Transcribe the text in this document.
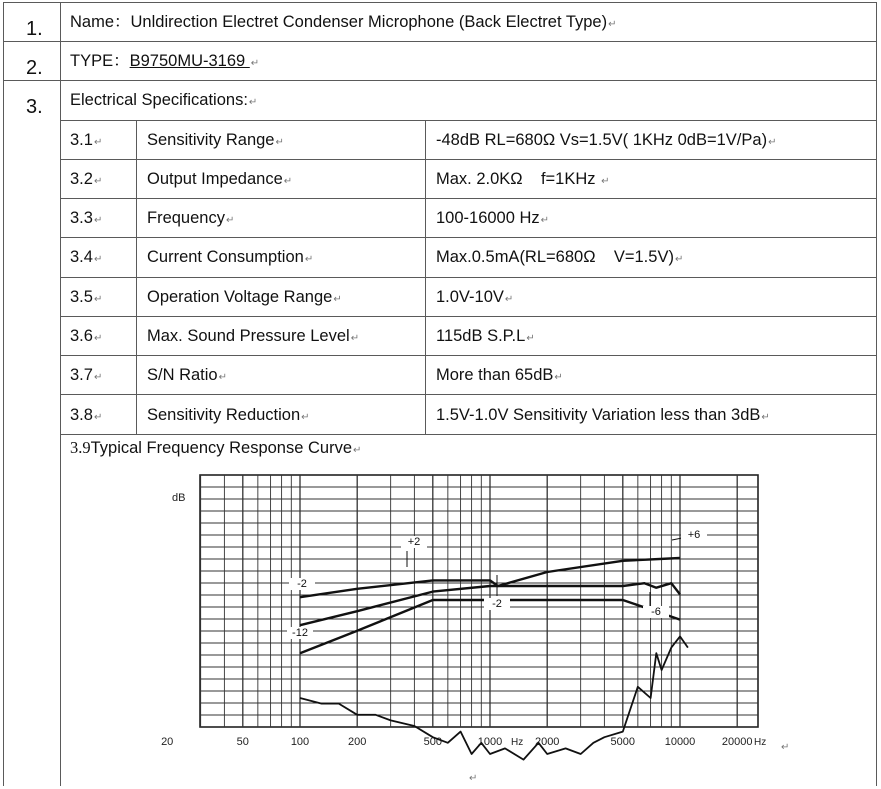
1. Name：Unldirection Electret Condenser Microphone (Back Electret Type)↵
2. TYPE：B9750MU-3169 ↵
3. Electrical Specifications:↵
3.1↵	Sensitivity Range↵	-48dB RL=680Ω Vs=1.5V( 1KHz 0dB=1V/Pa)↵
3.2↵	Output Impedance↵	Max. 2.0KΩ    f=1KHz ↵
3.3↵	Frequency↵	100-16000 Hz↵
3.4↵	Current Consumption↵	Max.0.5mA(RL=680Ω    V=1.5V)↵
3.5↵	Operation Voltage Range↵	1.0V-10V↵
3.6↵	Max. Sound Pressure Level↵	115dB S.P.L↵
3.7↵	S/N Ratio↵	More than 65dB↵
3.8↵	Sensitivity Reduction↵	1.5V-1.0V Sensitivity Variation less than 3dB↵
3.9Typical Frequency Response Curve↵
dB
20	50	100	200	500	1000	2000	5000	10000 20000
Hz	Hz ↵
+2
-2
-12
-2
-6
+6
↵
